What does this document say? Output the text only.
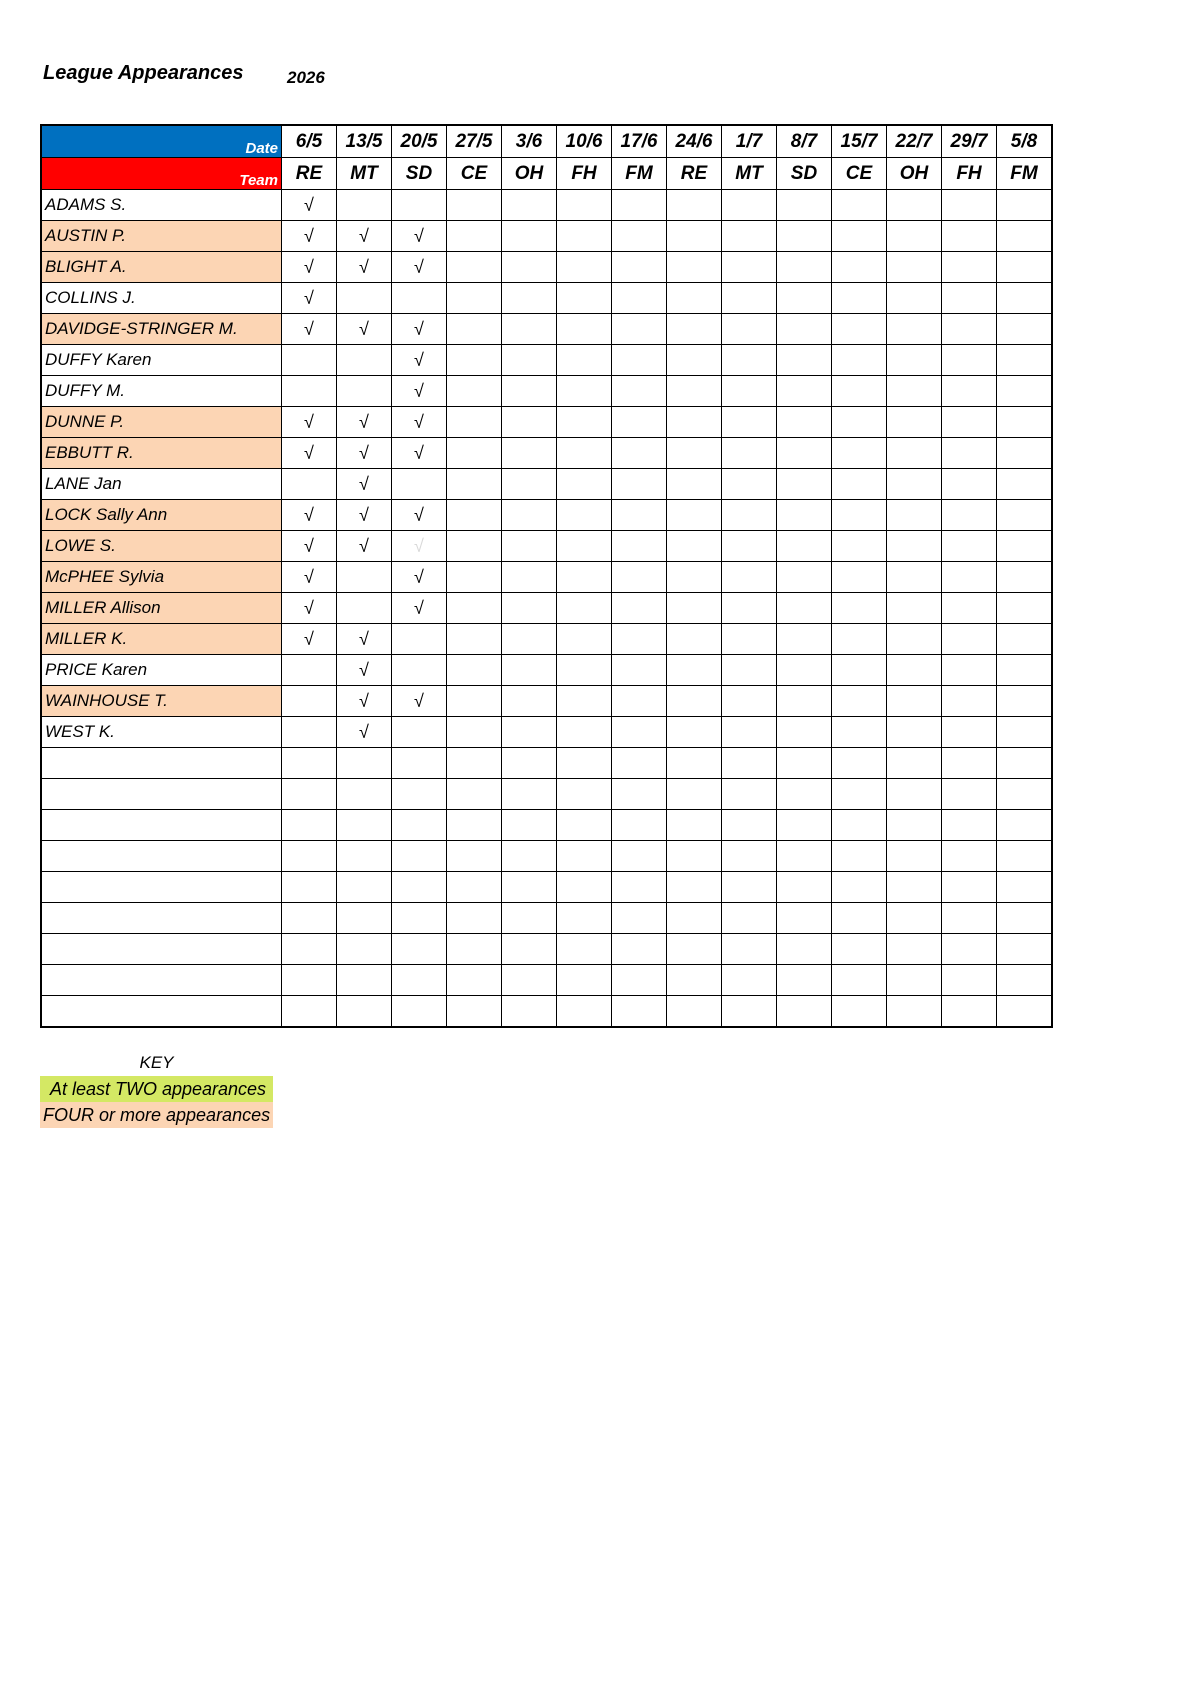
League Appearances	2026
Date	6/5	13/5	20/5	27/5	3/6	10/6	17/6	24/6	1/7	8/7	15/7	22/7	29/7	5/8
Team	RE	MT	SD	CE	OH	FH	FM	RE	MT	SD	CE	OH	FH	FM
ADAMS S.	√													
AUSTIN P.	√	√	√											
BLIGHT A.	√	√	√											
COLLINS J.	√													
DAVIDGE-STRINGER M.	√	√	√											
DUFFY Karen			√											
DUFFY M.			√											
DUNNE P.	√	√	√											
EBBUTT R.	√	√	√											
LANE Jan		√												
LOCK Sally Ann	√	√	√											
LOWE S.	√	√	√											
McPHEE Sylvia	√		√											
MILLER Allison	√		√											
MILLER K.	√	√												
PRICE Karen		√												
WAINHOUSE T.		√	√											
WEST K.		√												

KEY
At least TWO appearances
FOUR or more appearances
